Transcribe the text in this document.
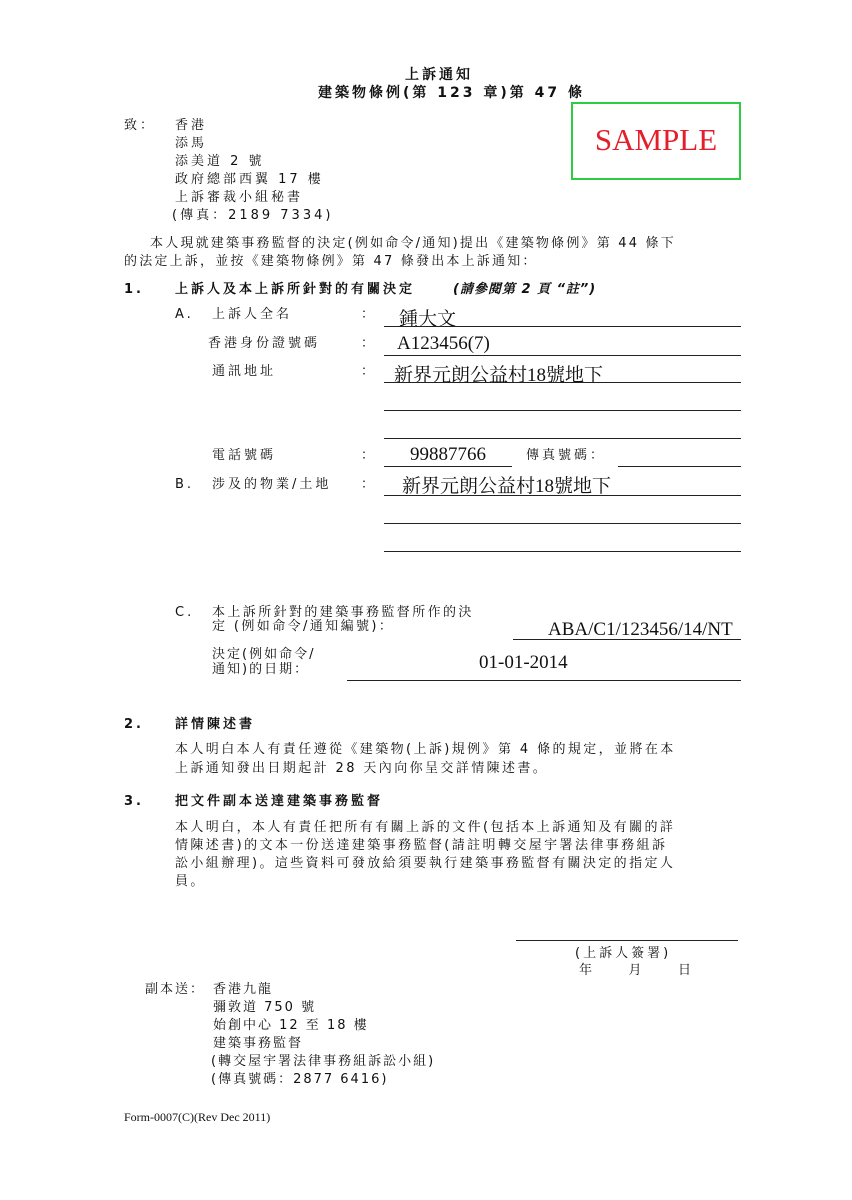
上訴通知
建築物條例(第 123 章)第 47 條
SAMPLE
致： 香港
添馬
添美道 2 號
政府總部西翼 17 樓
上訴審裁小組秘書
(傳真：2189 7334)
本人現就建築事務監督的決定(例如命令/通知)提出《建築物條例》第 44 條下
的法定上訴，並按《建築物條例》第 47 條發出本上訴通知：
1. 上訴人及本上訴所針對的有關決定	(請參閱第 2 頁 “註”)
A. 上訴人全名	： 鍾大文
香港身份證號碼	： A123456(7)
通訊地址	： 新界元朗公益村18號地下
電話號碼	： 99887766	傳真號碼：
B. 涉及的物業/土地 ： 新界元朗公益村18號地下
C. 本上訴所針對的建築事務監督所作的決
定 (例如命令/通知編號)：	ABA/C1/123456/14/NT
決定(例如命令/
通知)的日期：	01-01-2014
2. 詳情陳述書
本人明白本人有責任遵從《建築物(上訴)規例》第 4 條的規定，並將在本
上訴通知發出日期起計 28 天內向你呈交詳情陳述書。
3. 把文件副本送達建築事務監督
本人明白，本人有責任把所有有關上訴的文件(包括本上訴通知及有關的詳
情陳述書)的文本一份送達建築事務監督(請註明轉交屋宇署法律事務組訴
訟小組辦理)。這些資料可發放給須要執行建築事務監督有關決定的指定人
員。
(上訴人簽署)
年    月    日
副本送： 香港九龍
彌敦道 750 號
始創中心 12 至 18 樓
建築事務監督
(轉交屋宇署法律事務組訴訟小組)
(傳真號碼：2877 6416)
Form-0007(C)(Rev Dec 2011)
